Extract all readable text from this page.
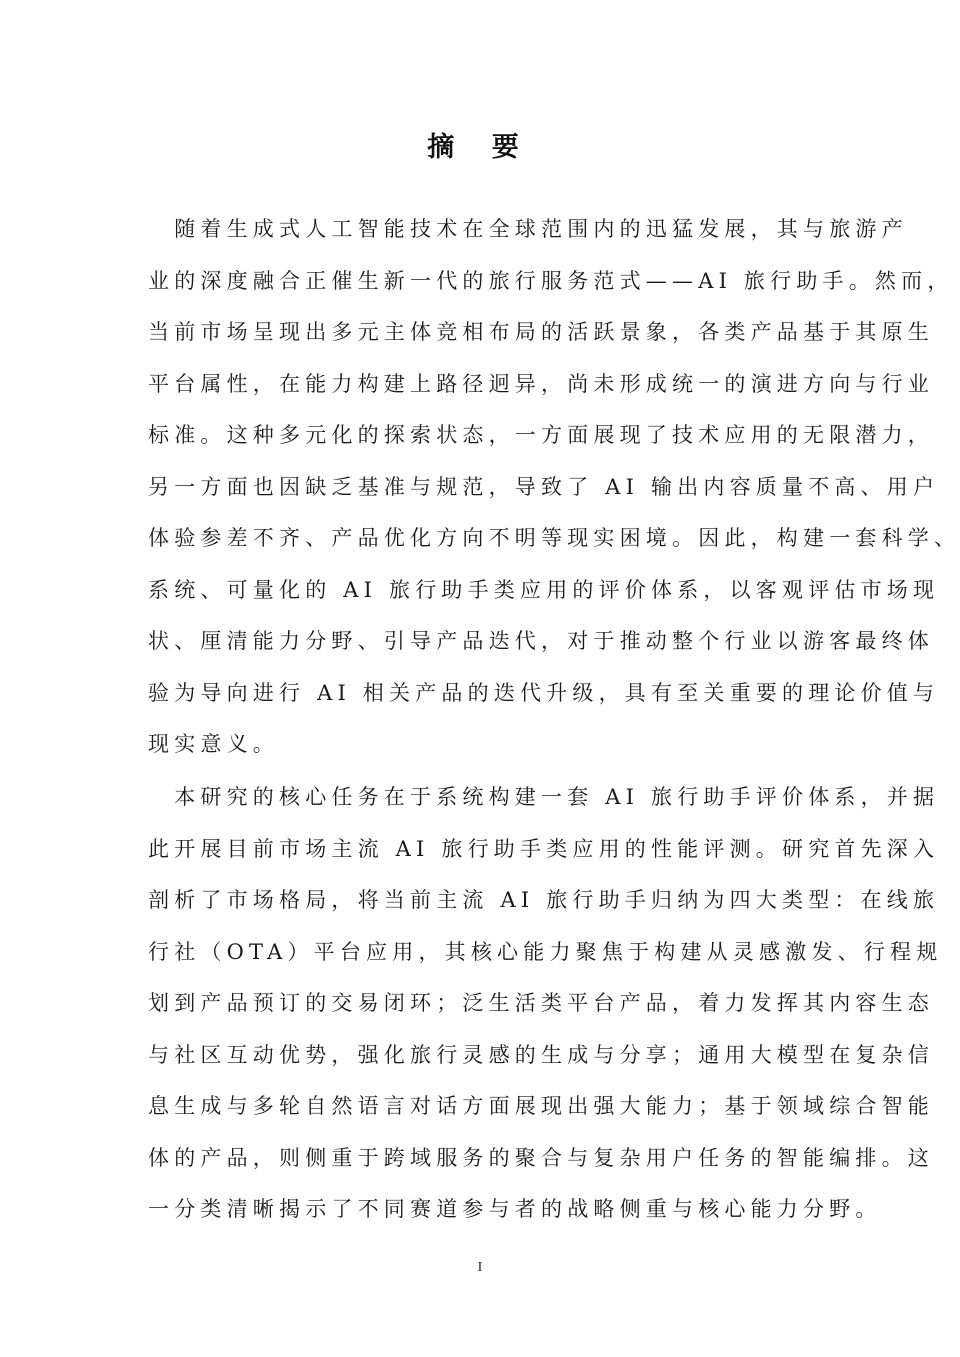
摘 要
　随着生成式人工智能技术在全球范围内的迅猛发展，其与旅游产
业的深度融合正催生新一代的旅行服务范式——AI 旅行助手。然而，
当前市场呈现出多元主体竞相布局的活跃景象，各类产品基于其原生
平台属性，在能力构建上路径迥异，尚未形成统一的演进方向与行业
标准。这种多元化的探索状态，一方面展现了技术应用的无限潜力，
另一方面也因缺乏基准与规范，导致了 AI 输出内容质量不高、用户
体验参差不齐、产品优化方向不明等现实困境。因此，构建一套科学、
系统、可量化的 AI 旅行助手类应用的评价体系，以客观评估市场现
状、厘清能力分野、引导产品迭代，对于推动整个行业以游客最终体
验为导向进行 AI 相关产品的迭代升级，具有至关重要的理论价值与
现实意义。
　本研究的核心任务在于系统构建一套 AI 旅行助手评价体系，并据
此开展目前市场主流 AI 旅行助手类应用的性能评测。研究首先深入
剖析了市场格局，将当前主流 AI 旅行助手归纳为四大类型：在线旅
行社（OTA）平台应用，其核心能力聚焦于构建从灵感激发、行程规
划到产品预订的交易闭环；泛生活类平台产品，着力发挥其内容生态
与社区互动优势，强化旅行灵感的生成与分享；通用大模型在复杂信
息生成与多轮自然语言对话方面展现出强大能力；基于领域综合智能
体的产品，则侧重于跨域服务的聚合与复杂用户任务的智能编排。这
一分类清晰揭示了不同赛道参与者的战略侧重与核心能力分野。
I
